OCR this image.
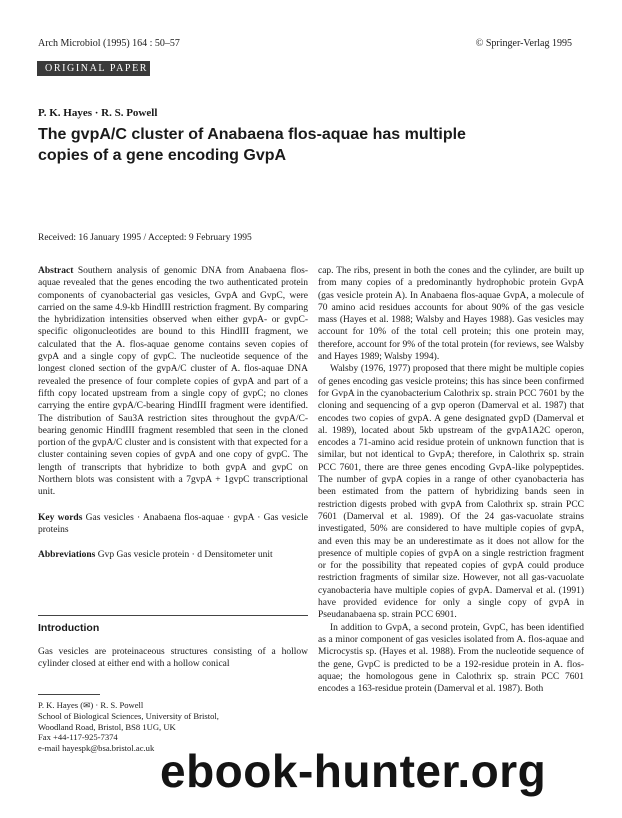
Arch Microbiol (1995) 164 : 50–57	© Springer-Verlag 1995
ORIGINAL PAPER
P. K. Hayes · R. S. Powell
The gvpA/C cluster of Anabaena flos-aquae has multiple copies of a gene encoding GvpA
Received: 16 January 1995 / Accepted: 9 February 1995

Abstract Southern analysis of genomic DNA from Anabaena flos-aquae revealed that the genes encoding the two authenticated protein components of cyanobacterial gas vesicles, GvpA and GvpC, were carried on the same 4.9-kb HindIII restriction fragment. By comparing the hybridization intensities observed when either gvpA- or gvpC-specific oligonucleotides are bound to this HindIII fragment, we calculated that the A. flos-aquae genome contains seven copies of gvpA and a single copy of gvpC. The nucleotide sequence of the longest cloned section of the gvpA/C cluster of A. flos-aquae DNA revealed the presence of four complete copies of gvpA and part of a fifth copy located upstream from a single copy of gvpC; no clones carrying the entire gvpA/C-bearing HindIII fragment were identified. The distribution of Sau3A restriction sites throughout the gvpA/C-bearing genomic HindIII fragment resembled that seen in the cloned portion of the gvpA/C cluster and is consistent with that expected for a cluster containing seven copies of gvpA and one copy of gvpC. The length of transcripts that hybridize to both gvpA and gvpC on Northern blots was consistent with a 7gvpA + 1gvpC transcriptional unit.

Key words Gas vesicles · Anabaena flos-aquae · gvpA · Gas vesicle proteins

Abbreviations Gvp Gas vesicle protein · d Densitometer unit

Introduction
Gas vesicles are proteinaceous structures consisting of a hollow cylinder closed at either end with a hollow conical

P. K. Hayes (✉) · R. S. Powell

School of Biological Sciences, University of Bristol,

Woodland Road, Bristol, BS8 1UG, UK

Fax +44-117-925-7374

e-mail hayespk@bsa.bristol.ac.uk

cap. The ribs, present in both the cones and the cylinder, are built up from many copies of a predominantly hydrophobic protein GvpA (gas vesicle protein A). In Anabaena flos-aquae GvpA, a molecule of 70 amino acid residues accounts for about 90% of the gas vesicle mass (Hayes et al. 1988; Walsby and Hayes 1988). Gas vesicles may account for 10% of the total cell protein; this one protein may, therefore, account for 9% of the total protein (for reviews, see Walsby and Hayes 1989; Walsby 1994).

Walsby (1976, 1977) proposed that there might be multiple copies of genes encoding gas vesicle proteins; this has since been confirmed for GvpA in the cyanobacterium Calothrix sp. strain PCC 7601 by the cloning and sequencing of a gvp operon (Damerval et al. 1987) that encodes two copies of gvpA. A gene designated gvpD (Damerval et al. 1989), located about 5kb upstream of the gvpA1A2C operon, encodes a 71-amino acid residue protein of unknown function that is similar, but not identical to GvpA; therefore, in Calothrix sp. strain PCC 7601, there are three genes encoding GvpA-like polypeptides. The number of gvpA copies in a range of other cyanobacteria has been estimated from the pattern of hybridizing bands seen in restriction digests probed with gvpA from Calothrix sp. strain PCC 7601 (Damerval et al. 1989). Of the 24 gas-vacuolate strains investigated, 50% are considered to have multiple copies of gvpA, and even this may be an underestimate as it does not allow for the presence of multiple copies of gvpA on a single restriction fragment or for the possibility that repeated copies of gvpA could produce restriction fragments of similar size. However, not all gas-vacuolate cyanobacteria have multiple copies of gvpA. Damerval et al. (1991) have provided evidence for only a single copy of gvpA in Pseudanabaena sp. strain PCC 6901.

In addition to GvpA, a second protein, GvpC, has been identified as a minor component of gas vesicles isolated from A. flos-aquae and Microcystis sp. (Hayes et al. 1988). From the nucleotide sequence of the gene, GvpC is predicted to be a 192-residue protein in A. flos-aquae; the homologous gene in Calothrix sp. strain PCC 7601 encodes a 163-residue protein (Damerval et al. 1987). Both

ebook-hunter.org
